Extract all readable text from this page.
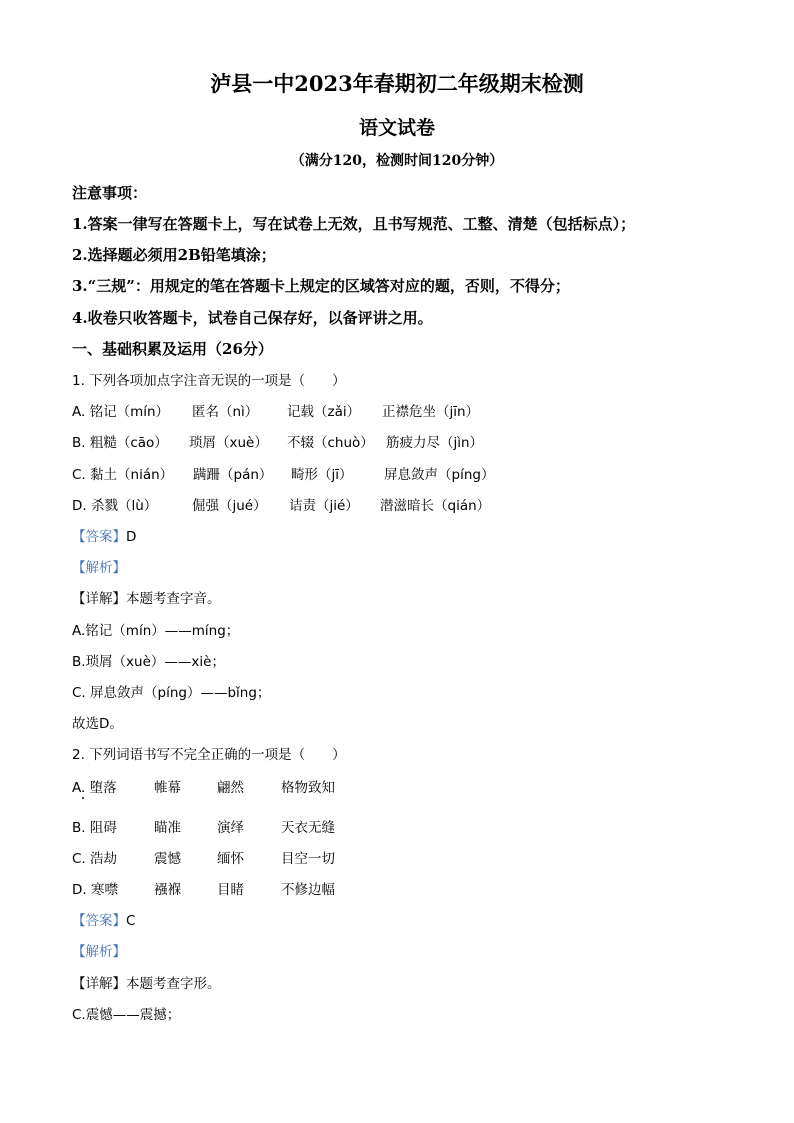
泸县一中2023年春期初二年级期末检测
语文试卷
（满分120，检测时间120分钟）
注意事项：
1.答案一律写在答题卡上，写在试卷上无效，且书写规范、工整、清楚（包括标点）；
2.选择题必须用2B铅笔填涂；
3.“三规”：用规定的笔在答题卡上规定的区域答对应的题，否则，不得分；
4.收卷只收答题卡，试卷自己保存好，以备评讲之用。
一、基础积累及运用（26分）
1. 下列各项加点字注音无误的一项是（　　）
A. 铭记（mín） 匿名（nì） 记载（zǎi） 正襟危坐（jīn）
B. 粗糙（cāo） 琐屑（xuè） 不辍（chuò） 筋疲力尽（jìn）
C. 黏土（nián） 蹒跚（pán） 畸形（jī） 屏息敛声（píng）
D. 杀戮（lù）	倔强（jué） 诘责（jié） 潜滋暗长（qián）
【答案】D
【解析】
【详解】本题考查字音。
A.铭记（mín）——míng；
B.琐屑（xuè）——xiè；
C. 屏息敛声（píng）——bǐng；
故选D。
2. 下列词语书写不完全正确的一项是（　　）
A. 堕落	帷幕	翩然	格物致知
B. 阻碍	瞄准	演绎	天衣无缝
C. 浩劫	震憾	缅怀	目空一切
D. 寒噤	襁褓	目睹	不修边幅
【答案】C
【解析】
【详解】本题考查字形。
C.震憾——震撼；
